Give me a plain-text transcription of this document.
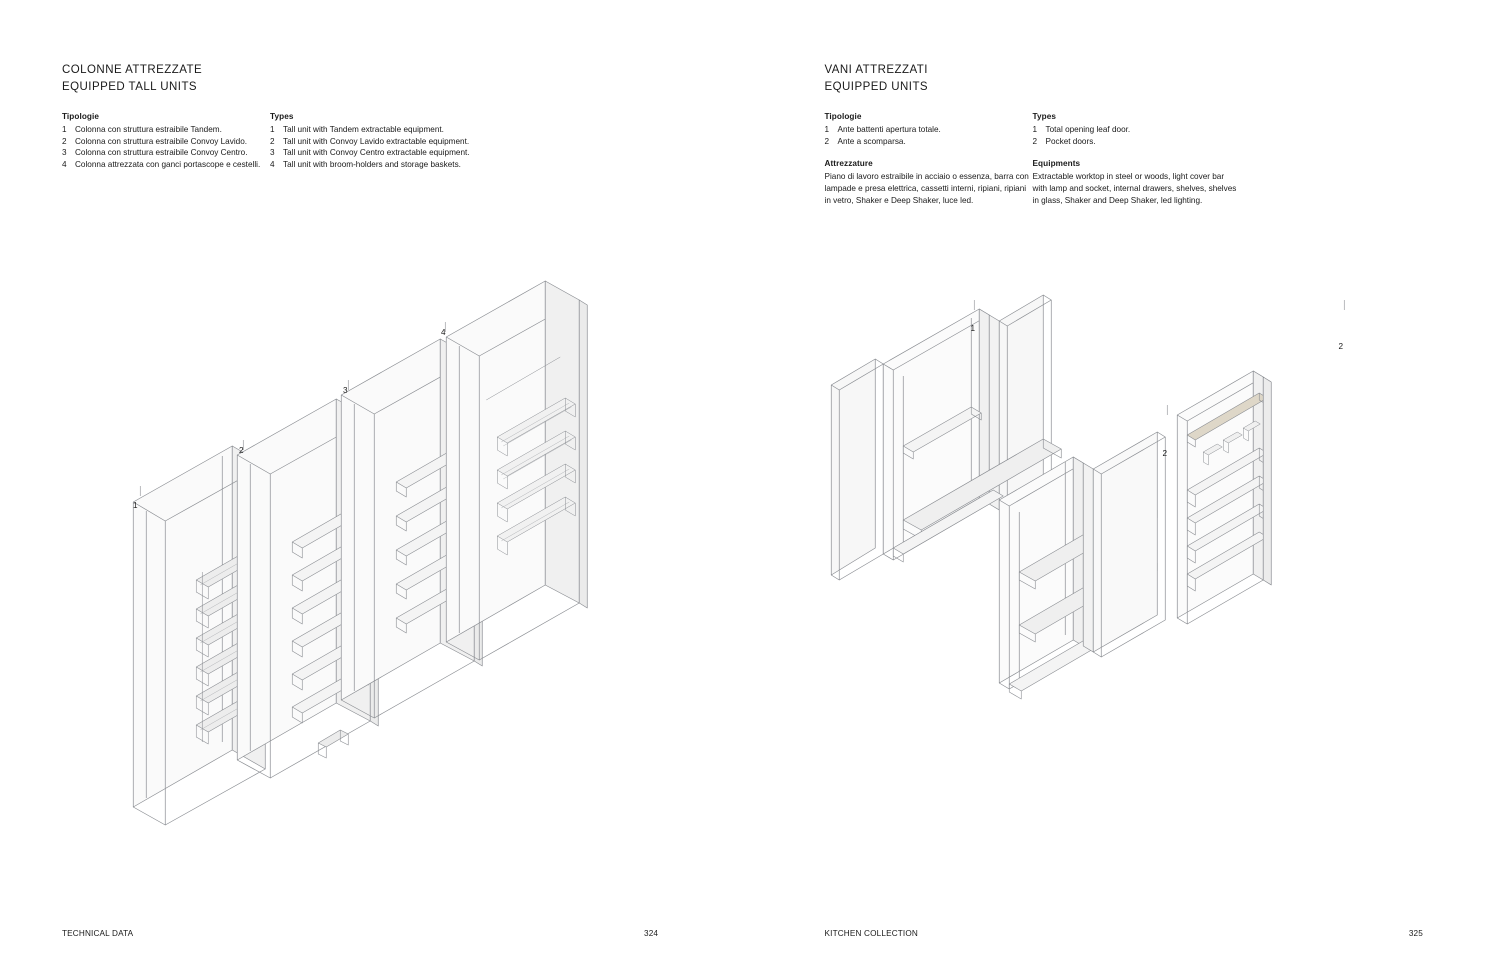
COLONNE ATTREZZATE
EQUIPPED TALL UNITS
Tipologie
1 Colonna con struttura estraibile Tandem.
2 Colonna con struttura estraibile Convoy Lavido.
3 Colonna con struttura estraibile Convoy Centro.
4 Colonna attrezzata con ganci portascope e cestelli.
Types
1 Tall unit with Tandem extractable equipment.
2 Tall unit with Convoy Lavido extractable equipment.
3 Tall unit with Convoy Centro extractable equipment.
4 Tall unit with broom-holders and storage baskets.
1
2
3
4
TECHNICAL DATA	324
VANI ATTREZZATI
EQUIPPED UNITS
Tipologie
1 Ante battenti apertura totale.
2 Ante a scomparsa.
Attrezzature

Piano di lavoro estraibile in acciaio o essenza, barra con lampade e presa elettrica, cassetti interni, ripiani, ripiani in vetro, Shaker e Deep Shaker, luce led.

Types
1 Total opening leaf door.
2 Pocket doors.
Equipments

Extractable worktop in steel or woods, light cover bar with lamp and socket, internal drawers, shelves, shelves in glass, Shaker and Deep Shaker, led lighting.

1
2
2
KITCHEN COLLECTION	325
